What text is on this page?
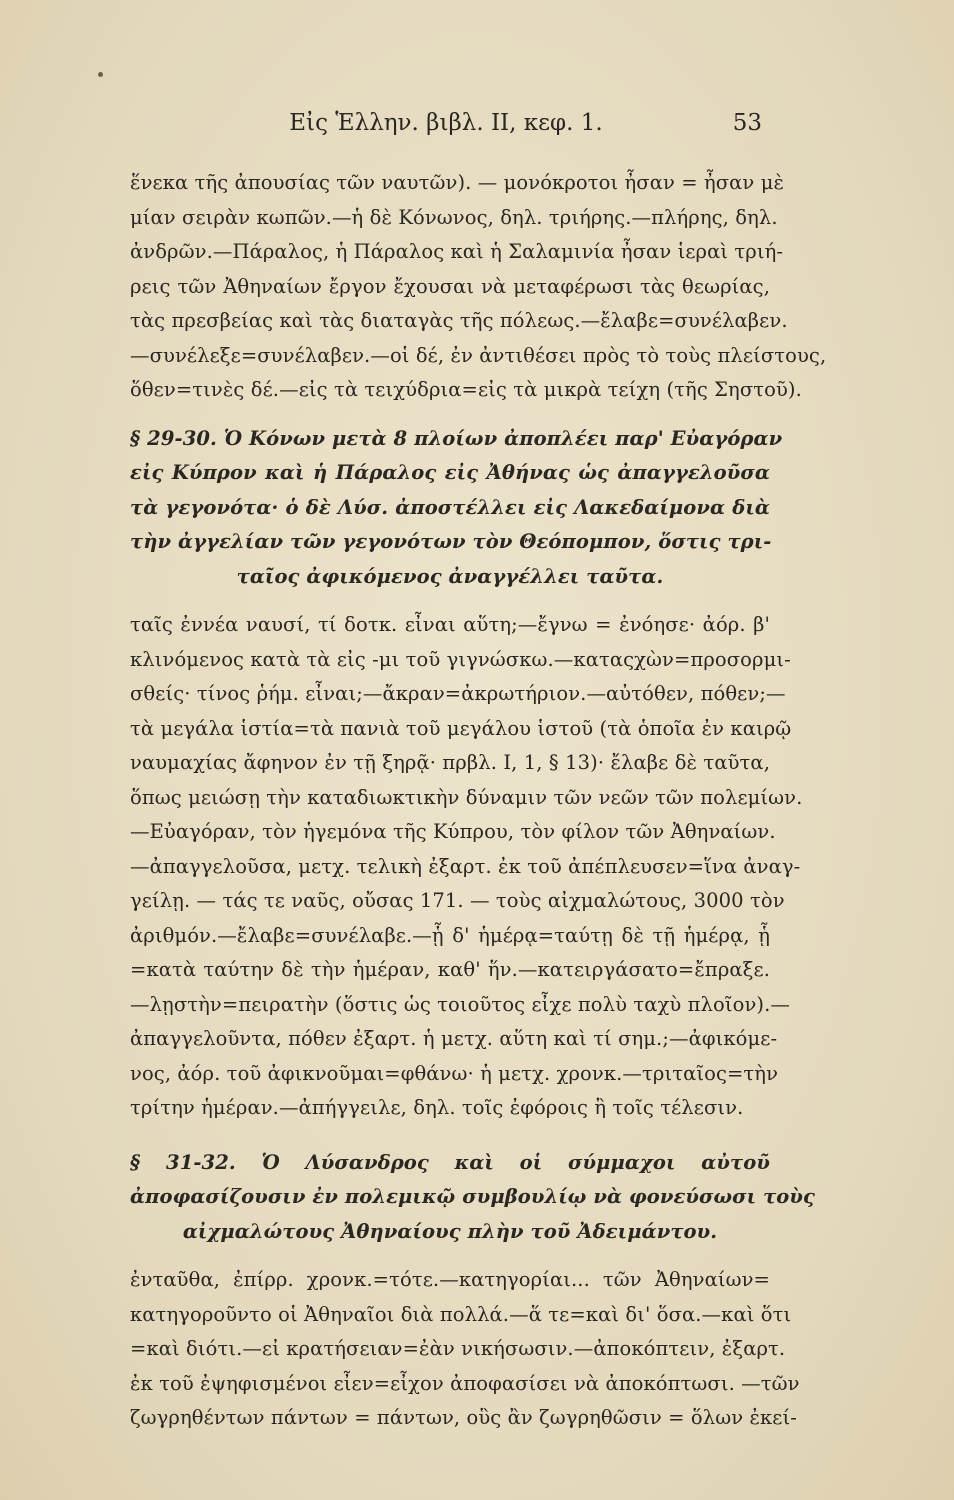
Εἰς Ἑλλην. βιβλ. ΙΙ, κεφ. 1.	53
ἕνεκα τῆς ἀπουσίας τῶν ναυτῶν). — μονόκροτοι ἦσαν = ἦσαν μὲ
μίαν σειρὰν κωπῶν.—ἡ δὲ Κόνωνος, δηλ. τριήρης.—πλήρης, δηλ.
ἀνδρῶν.—Πάραλος, ἡ Πάραλος καὶ ἡ Σαλαμινία ἦσαν ἱεραὶ τριή-
ρεις τῶν Ἀθηναίων ἔργον ἔχουσαι νὰ μεταφέρωσι τὰς θεωρίας,
τὰς πρεσβείας καὶ τὰς διαταγὰς τῆς πόλεως.—ἔλαβε=συνέλαβεν.
—συνέλεξε=συνέλαβεν.—οἱ δέ, ἐν ἀντιθέσει πρὸς τὸ τοὺς πλείστους,
ὅθεν=τινὲς δέ.—εἰς τὰ τειχύδρια=εἰς τὰ μικρὰ τείχη (τῆς Σηστοῦ).
§ 29-30. Ὁ Κόνων μετὰ 8 πλοίων ἀποπλέει παρ' Εὐαγόραν
εἰς Κύπρον καὶ ἡ Πάραλος εἰς Ἀθήνας ὡς ἀπαγγελοῦσα
τὰ γεγονότα· ὁ δὲ Λύσ. ἀποστέλλει εἰς Λακεδαίμονα διὰ
τὴν ἀγγελίαν τῶν γεγονότων τὸν Θεόπομπον, ὅστις τρι-
ταῖος ἀφικόμενος ἀναγγέλλει ταῦτα.
ταῖς ἐννέα ναυσί, τί δοτκ. εἶναι αὕτη;—ἔγνω = ἐνόησε· ἀόρ. β'
κλινόμενος κατὰ τὰ εἰς -μι τοῦ γιγνώσκω.—καταςχὼν=προσορμι-
σθείς· τίνος ῥήμ. εἶναι;—ἄκραν=ἀκρωτήριον.—αὐτόθεν, πόθεν;—
τὰ μεγάλα ἱστία=τὰ πανιὰ τοῦ μεγάλου ἱστοῦ (τὰ ὁποῖα ἐν καιρῷ
ναυμαχίας ἄφηνον ἐν τῇ ξηρᾷ· πρβλ. Ι, 1, § 13)· ἔλαβε δὲ ταῦτα,
ὅπως μειώσῃ τὴν καταδιωκτικὴν δύναμιν τῶν νεῶν τῶν πολεμίων.
—Εὐαγόραν, τὸν ἡγεμόνα τῆς Κύπρου, τὸν φίλον τῶν Ἀθηναίων.
—ἀπαγγελοῦσα, μετχ. τελικὴ ἐξαρτ. ἐκ τοῦ ἀπέπλευσεν=ἵνα ἀναγ-
γείλῃ. — τάς τε ναῦς, οὔσας 171. — τοὺς αἰχμαλώτους, 3000 τὸν
ἀριθμόν.—ἔλαβε=συνέλαβε.—ᾗ δ' ἡμέρᾳ=ταύτῃ δὲ τῇ ἡμέρᾳ, ᾗ
=κατὰ ταύτην δὲ τὴν ἡμέραν, καθ' ἥν.—κατειργάσατο=ἔπραξε.
—λῃστὴν=πειρατὴν (ὅστις ὡς τοιοῦτος εἶχε πολὺ ταχὺ πλοῖον).—
ἀπαγγελοῦντα, πόθεν ἐξαρτ. ἡ μετχ. αὕτη καὶ τί σημ.;—ἀφικόμε-
νος, ἀόρ. τοῦ ἀφικνοῦμαι=φθάνω· ἡ μετχ. χρονκ.—τριταῖος=τὴν
τρίτην ἡμέραν.—ἀπήγγειλε, δηλ. τοῖς ἐφόροις ἢ τοῖς τέλεσιν.
§ 31-32. Ὁ Λύσανδρος καὶ οἱ σύμμαχοι αὐτοῦ
ἀποφασίζουσιν ἐν πολεμικῷ συμβουλίῳ νὰ φονεύσωσι τοὺς
αἰχμαλώτους Ἀθηναίους πλὴν τοῦ Ἀδειμάντου.
ἐνταῦθα, ἐπίρρ. χρονκ.=τότε.—κατηγορίαι... τῶν Ἀθηναίων=
κατηγοροῦντο οἱ Ἀθηναῖοι διὰ πολλά.—ἅ τε=καὶ δι' ὅσα.—καὶ ὅτι
=καὶ διότι.—εἰ κρατήσειαν=ἐὰν νικήσωσιν.—ἀποκόπτειν, ἐξαρτ.
ἐκ τοῦ ἐψηφισμένοι εἶεν=εἶχον ἀποφασίσει νὰ ἀποκόπτωσι. —τῶν
ζωγρηθέντων πάντων = πάντων, οὓς ἂν ζωγρηθῶσιν = ὅλων ἐκεί-
